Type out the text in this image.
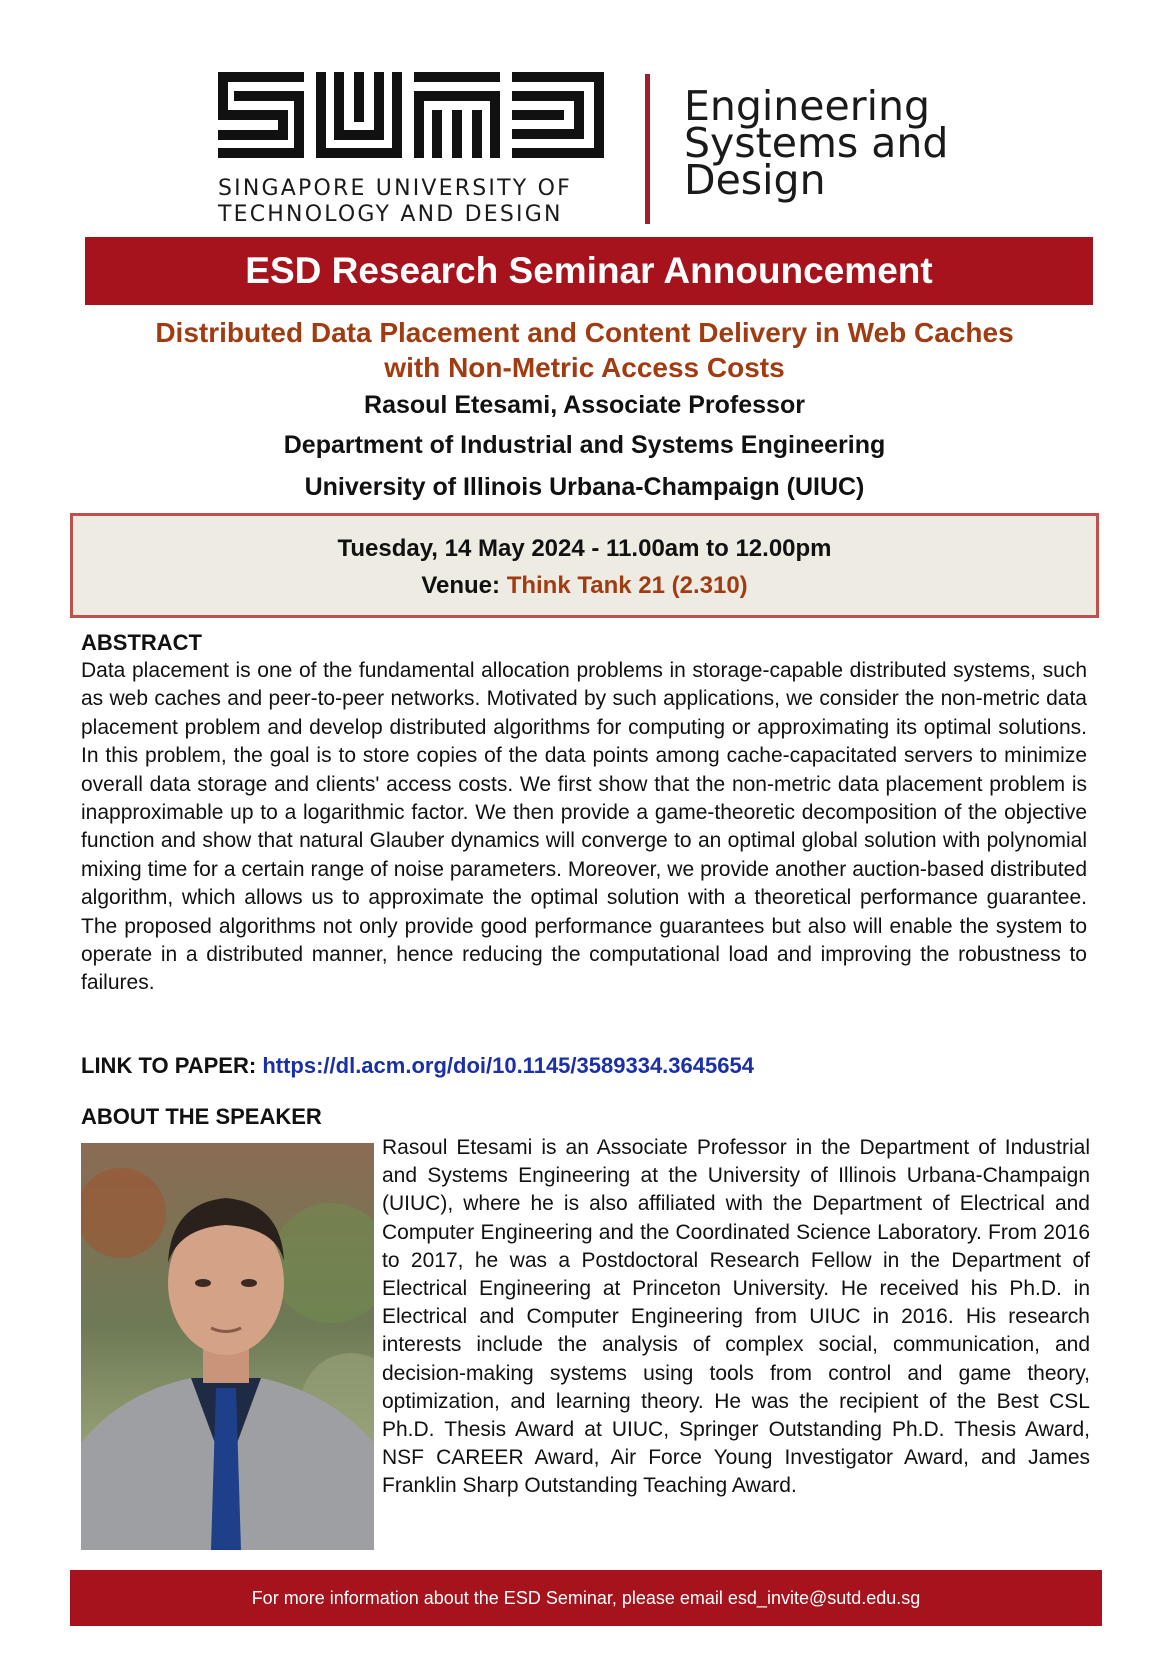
SINGAPORE UNIVERSITY OF
TECHNOLOGY AND DESIGN
Engineering
Systems and
Design
ESD Research Seminar Announcement
Distributed Data Placement and Content Delivery in Web Caches
with Non-Metric Access Costs
Rasoul Etesami, Associate Professor
Department of Industrial and Systems Engineering
University of Illinois Urbana-Champaign (UIUC)
Tuesday, 14 May 2024 - 11.00am to 12.00pm
Venue: Think Tank 21 (2.310)
ABSTRACT
Data placement is one of the fundamental allocation problems in storage-capable distributed systems, such as web caches and peer-to-peer networks. Motivated by such applications, we consider the non-metric data placement problem and develop distributed algorithms for computing or approximating its optimal solutions. In this problem, the goal is to store copies of the data points among cache-capacitated servers to minimize overall data storage and clients' access costs. We first show that the non-metric data placement problem is inapproximable up to a logarithmic factor. We then provide a game-theoretic decomposition of the objective function and show that natural Glauber dynamics will converge to an optimal global solution with polynomial mixing time for a certain range of noise parameters. Moreover, we provide another auction-based distributed algorithm, which allows us to approximate the optimal solution with a theoretical performance guarantee. The proposed algorithms not only provide good performance guarantees but also will enable the system to operate in a distributed manner, hence reducing the computational load and improving the robustness to failures.
LINK TO PAPER: https://dl.acm.org/doi/10.1145/3589334.3645654
ABOUT THE SPEAKER
Rasoul Etesami is an Associate Professor in the Department of Industrial and Systems Engineering at the University of Illinois Urbana-Champaign (UIUC), where he is also affiliated with the Department of Electrical and Computer Engineering and the Coordinated Science Laboratory. From 2016 to 2017, he was a Postdoctoral Research Fellow in the Department of Electrical Engineering at Princeton University. He received his Ph.D. in Electrical and Computer Engineering from UIUC in 2016. His research interests include the analysis of complex social, communication, and decision-making systems using tools from control and game theory, optimization, and learning theory. He was the recipient of the Best CSL Ph.D. Thesis Award at UIUC, Springer Outstanding Ph.D. Thesis Award, NSF CAREER Award, Air Force Young Investigator Award, and James Franklin Sharp Outstanding Teaching Award.
For more information about the ESD Seminar, please email esd_invite@sutd.edu.sg
